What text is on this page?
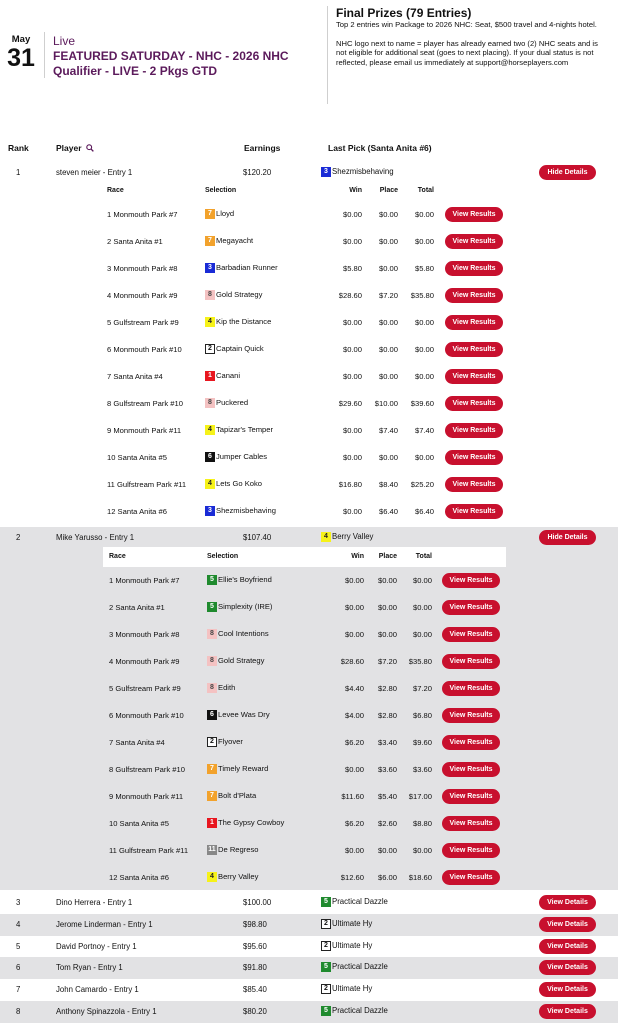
May
31
Live
FEATURED SATURDAY - NHC - 2026 NHC Qualifier - LIVE - 2 Pkgs GTD
Final Prizes (79 Entries)

Top 2 entries win Package to 2026 NHC: Seat, $500 travel and 4-nights hotel.

NHC logo next to name = player has already earned two (2) NHC seats and is not eligible for additional seat (goes to next placing). If your dual status is not reflected, please email us immediately at support@horseplayers.com

Rank	Player	Earnings	Last Pick (Santa Anita #6)
1	steven meier - Entry 1	$120.20	3 Shezmisbehaving	Hide Details
Race	Selection	Win	Place	Total
1 Monmouth Park #7	7 Lloyd	$0.00 $0.00 $0.00	View Results
2 Santa Anita #1	7 Megayacht	$0.00 $0.00 $0.00	View Results
3 Monmouth Park #8	3 Barbadian Runner	$5.80 $0.00 $5.80	View Results
4 Monmouth Park #9	8 Gold Strategy	$28.60 $7.20 $35.80	View Results
5 Gulfstream Park #9	4 Kip the Distance	$0.00 $0.00 $0.00	View Results
6 Monmouth Park #10	2 Captain Quick	$0.00 $0.00 $0.00	View Results
7 Santa Anita #4	1 Canani	$0.00 $0.00 $0.00	View Results
8 Gulfstream Park #10	8 Puckered	$29.60 $10.00 $39.60	View Results
9 Monmouth Park #11	4 Tapizar's Temper	$0.00 $7.40 $7.40	View Results
10 Santa Anita #5	6 Jumper Cables	$0.00 $0.00 $0.00	View Results
11 Gulfstream Park #11	4 Lets Go Koko	$16.80 $8.40 $25.20	View Results
12 Santa Anita #6	3 Shezmisbehaving	$0.00 $6.40 $6.40	View Results
2	Mike Yarusso - Entry 1	$107.40	4 Berry Valley	Hide Details
Race	Selection	Win Place	Total
1 Monmouth Park #7	5 Ellie's Boyfriend	$0.00 $0.00 $0.00	View Results
2 Santa Anita #1	5 Simplexity (IRE)	$0.00 $0.00 $0.00	View Results
3 Monmouth Park #8	8 Cool Intentions	$0.00 $0.00 $0.00	View Results
4 Monmouth Park #9	8 Gold Strategy	$28.60 $7.20 $35.80	View Results
5 Gulfstream Park #9	8 Edith	$4.40 $2.80 $7.20	View Results
6 Monmouth Park #10	6 Levee Was Dry	$4.00 $2.80 $6.80	View Results
7 Santa Anita #4	2 Flyover	$6.20 $3.40 $9.60	View Results
8 Gulfstream Park #10	7 Timely Reward	$0.00 $3.60 $3.60	View Results
9 Monmouth Park #11	7 Bolt d'Plata	$11.60 $5.40 $17.00	View Results
10 Santa Anita #5	1 The Gypsy Cowboy	$6.20 $2.60 $8.80	View Results
11 Gulfstream Park #11	11 De Regreso	$0.00 $0.00 $0.00	View Results
12 Santa Anita #6	4 Berry Valley	$12.60 $6.00 $18.60	View Results
3	Dino Herrera - Entry 1	$100.00	5 Practical Dazzle	View Details
4	Jerome Linderman - Entry 1	$98.80	2 Ultimate Hy	View Details
5	David Portnoy - Entry 1	$95.60	2 Ultimate Hy	View Details
6	Tom Ryan - Entry 1	$91.80	5 Practical Dazzle	View Details
7	John Camardo - Entry 1	$85.40	2 Ultimate Hy	View Details
8	Anthony Spinazzola - Entry 1	$80.20	5 Practical Dazzle	View Details
